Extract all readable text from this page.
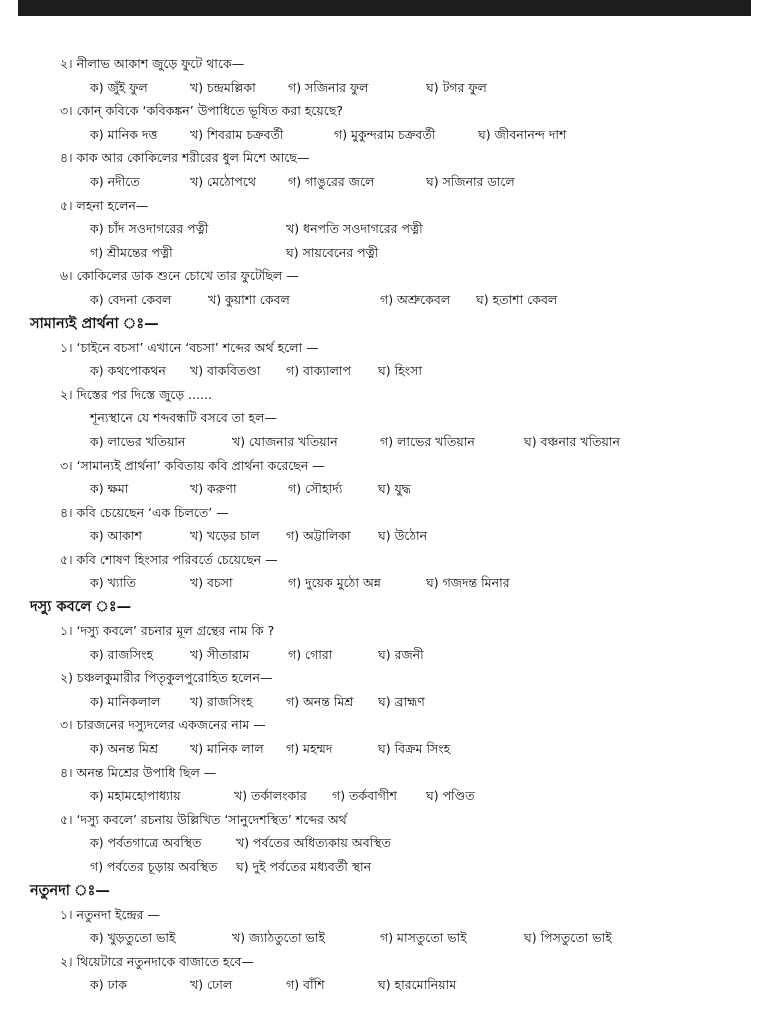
২। নীলাভ আকাশ জুড়ে ফুটে থাকে—
ক) জুঁই ফুল	খ) চন্দ্রমল্লিকা	গ) সজিনার ফুল	ঘ) টগর ফুল
৩। কোন্ কবিকে ‘কবিকঙ্কন’ উপাধিতে ভূষিত করা হয়েছে?
ক) মানিক দত্ত	খ) শিবরাম চক্রবর্তী	গ) মুকুন্দরাম চক্রবর্তী	ঘ) জীবনানন্দ দাশ
৪। কাক আর কোকিলের শরীরের ধুল মিশে আছে—
ক) নদীতে	খ) মেঠোপথে	গ) গাঙুরের জলে	ঘ) সজিনার ডালে
৫। লহনা হলেন—
ক) চাঁদ সওদাগরের পত্নী	খ) ধনপতি সওদাগরের পত্নী
গ) শ্রীমন্তের পত্নী	ঘ) সায়বেনের পত্নী
৬। কোকিলের ডাক শুনে চোখে তার ফুটেছিল —
ক) বেদনা কেবল	খ) কুয়াশা কেবল	গ) অশ্রুকেবল ঘ) হতাশা কেবল
সামান্যই প্রার্থনা ঃ—
১। ‘চাইনে বচসা’ এখানে ‘বচসা’ শব্দের অর্থ হলো —
ক) কথপোকথন খ) বাকবিতণ্ডা গ) বাক্যালাপ ঘ) হিংসা
২। দিস্তের পর দিস্তে জুড়ে ......
শূন্যস্থানে যে শব্দবন্ধটি বসবে তা হল—
ক) লাভের খতিয়ান	খ) যোজনার খতিয়ান	গ) লাভের খতিয়ান	ঘ) বঞ্চনার খতিয়ান
৩। ‘সামান্যই প্রার্থনা’ কবিতায় কবি প্রার্থনা করেছেন —
ক) ক্ষমা	খ) করুণা	গ) সৌহার্দ্য	ঘ) যুদ্ধ
৪। কবি চেয়েছেন ‘এক চিলতে’ —
ক) আকাশ	খ) খড়ের চাল গ) অট্টালিকা ঘ) উঠোন
৫। কবি শোষণ হিংসার পরিবর্তে চেয়েছেন —
ক) খ্যাতি	খ) বচসা	গ) দুয়েক মুঠো অন্ন	ঘ) গজদন্ত মিনার
দস্যু কবলে ঃ—
১। ‘দস্যু কবলে’ রচনার মূল গ্রন্থের নাম কি ?
ক) রাজসিংহ	খ) সীতারাম	গ) গোরা	ঘ) রজনী
২) চঞ্চলকুমারীর পিতৃকুলপুরোহিত হলেন—
ক) মানিকলাল খ) রাজসিংহ	গ) অনন্ত মিশ্র ঘ) ব্রাহ্মণ
৩। চারজনের দস্যুদলের একজনের নাম —
ক) অনন্ত মিশ্র	খ) মানিক লাল গ) মহম্মদ	ঘ) বিক্রম সিংহ
৪। অনন্ত মিশ্রের উপাধি ছিল —
ক) মহামহোপাধ্যায়	খ) তর্কালংকার গ) তর্কবাগীশ ঘ) পণ্ডিত
৫। ‘দস্যু কবলে’ রচনায় উল্লিখিত ‘সানুদেশস্থিত’ শব্দের অর্থ
ক) পর্বতগাত্রে অবস্থিত	খ) পর্বতের অধিত্যকায় অবস্থিত
গ) পর্বতের চূড়ায় অবস্থিত ঘ) দুই পর্বতের মধ্যবর্তী স্থান
নতুনদা ঃ—
১। নতুনদা ইন্দ্রের —
ক) খুড়তুতো ভাই	খ) জ্যাঠতুতো ভাই	গ) মাসতুতো ভাই	ঘ) পিসতুতো ভাই
২। থিয়েটারে নতুনদাকে বাজাতে হবে—
ক) ঢাক	খ) ঢোল	গ) বাঁশি	ঘ) হারমোনিয়াম
